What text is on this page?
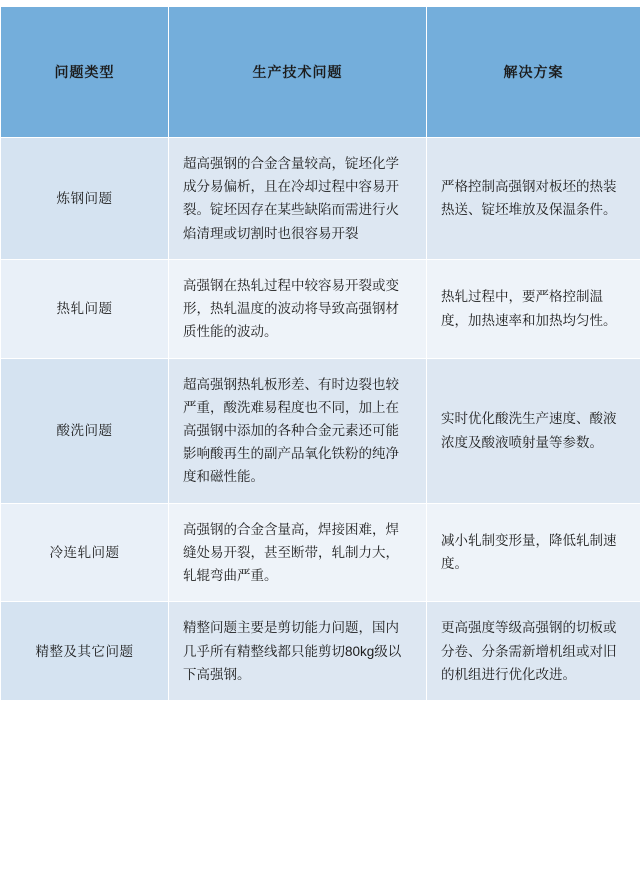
问题类型	生产技术问题	解决方案
炼钢问题	超高强钢的合金含量较高，锭坯化学成分易偏析，且在冷却过程中容易开裂。锭坯因存在某些缺陷而需进行火焰清理或切割时也很容易开裂	严格控制高强钢对板坯的热装热送、锭坯堆放及保温条件。
热轧问题	高强钢在热轧过程中较容易开裂或变形，热轧温度的波动将导致高强钢材质性能的波动。	热轧过程中，要严格控制温度，加热速率和加热均匀性。
酸洗问题	超高强钢热轧板形差、有时边裂也较严重，酸洗难易程度也不同，加上在高强钢中添加的各种合金元素还可能影响酸再生的副产品氧化铁粉的纯净度和磁性能。	实时优化酸洗生产速度、酸液浓度及酸液喷射量等参数。
冷连轧问题	高强钢的合金含量高，焊接困难，焊缝处易开裂，甚至断带，轧制力大，轧辊弯曲严重。	减小轧制变形量，降低轧制速度。
精整及其它问题	精整问题主要是剪切能力问题，国内几乎所有精整线都只能剪切80kg级以下高强钢。	更高强度等级高强钢的切板或分卷、分条需新增机组或对旧的机组进行优化改进。
